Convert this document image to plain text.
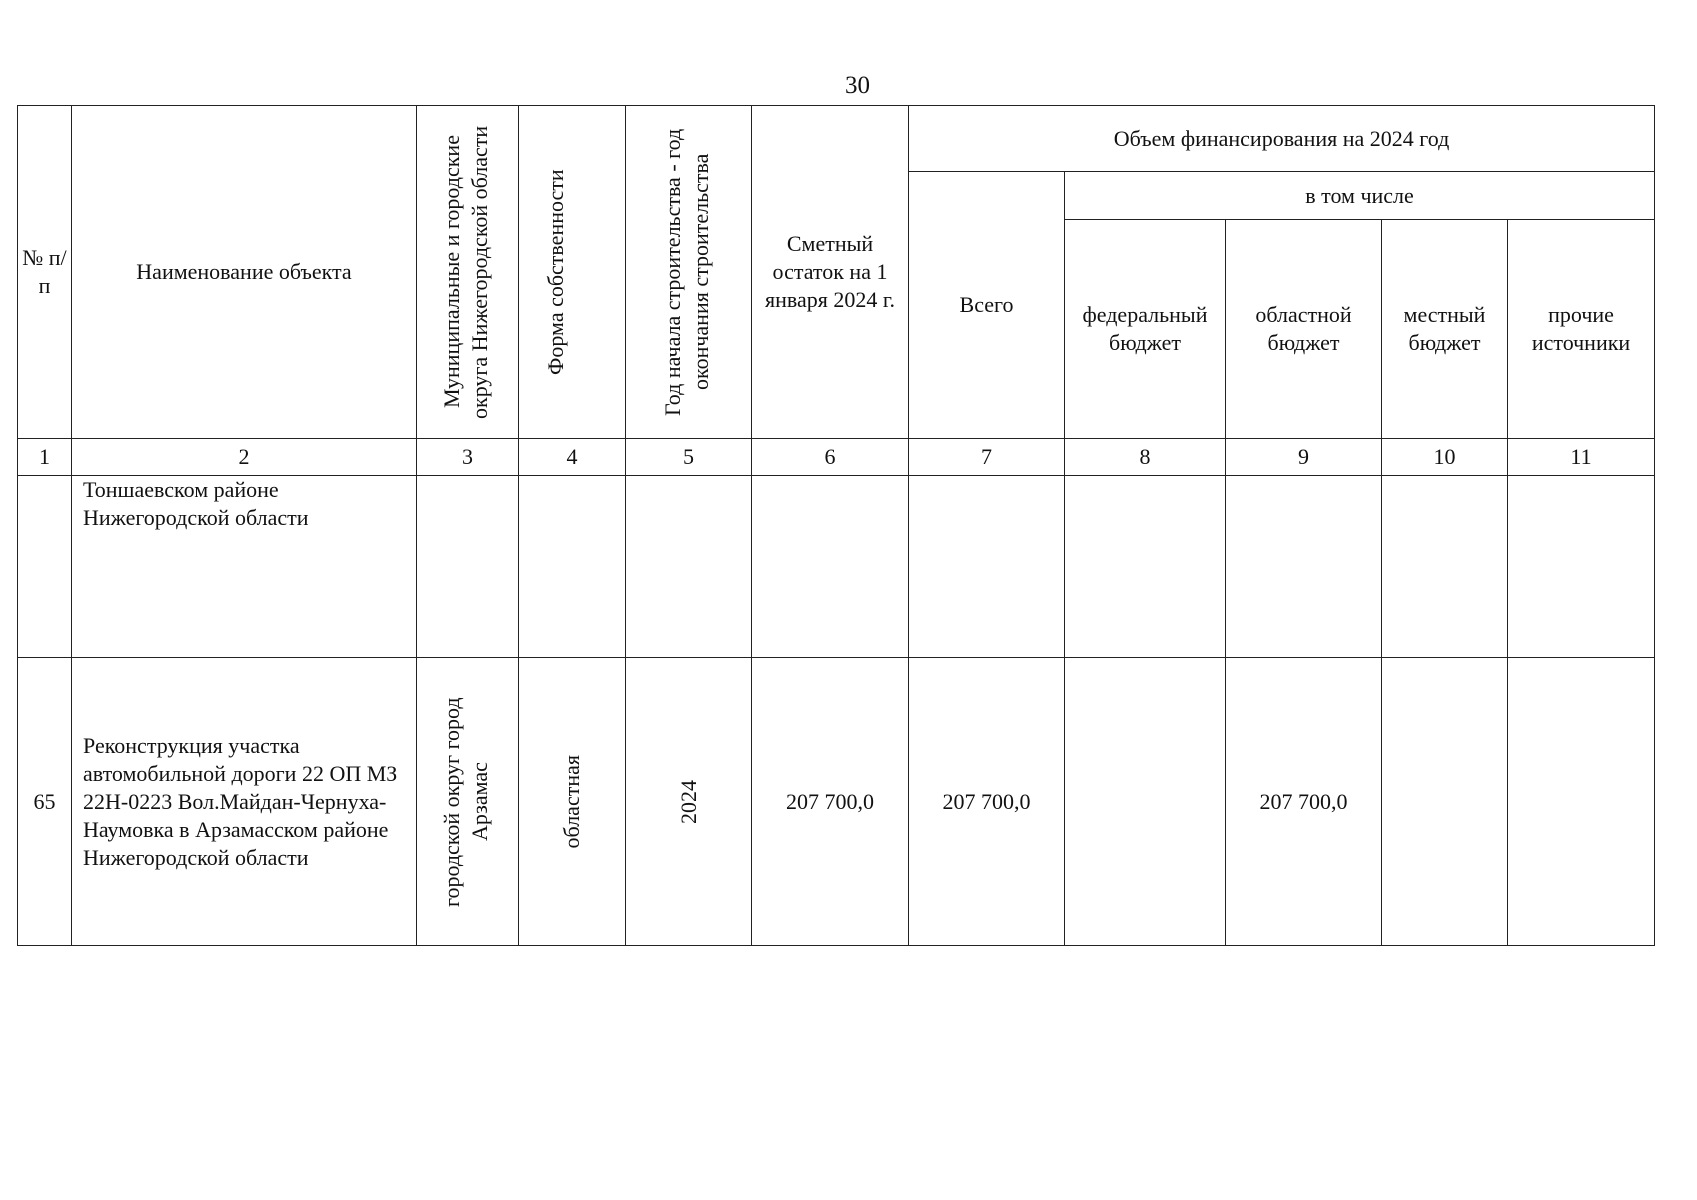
30
№ п/п	Наименование объекта	Муниципальные и городские округа Нижегородской области	Форма собственности	Год начала строительства - год окончания строительства	Сметный остаток на 1 января 2024 г.	Объем финансирования на 2024 год				
						Всего	в том числе			
							федеральный бюджет	областной бюджет	местный бюджет	прочие источники
1	2	3	4	5	6	7	8	9	10	11
	Тоншаевском районе Нижегородской области									
65	Реконструкция участка автомобильной дороги 22 ОП МЗ 22Н-0223 Вол.Майдан-Чернуха-Наумовка в Арзамасском районе Нижегородской области	городской округ город Арзамас	областная	2024	207 700,0	207 700,0		207 700,0		
